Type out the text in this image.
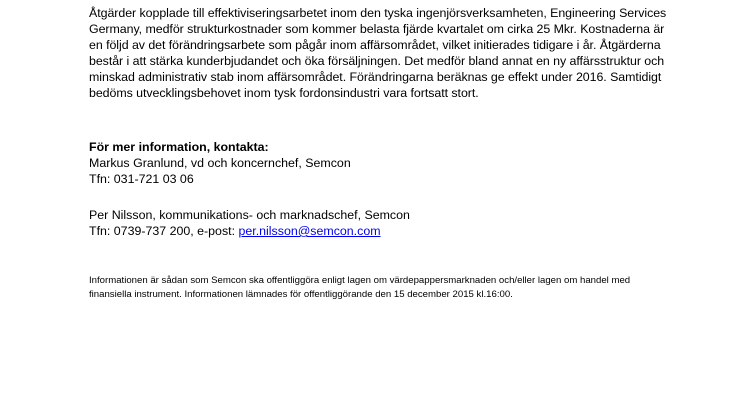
Åtgärder kopplade till effektiviseringsarbetet inom den tyska ingenjörsverksamheten, Engineering Services
Germany, medför strukturkostnader som kommer belasta fjärde kvartalet om cirka 25 Mkr. Kostnaderna är
en följd av det förändringsarbete som pågår inom affärsområdet, vilket initierades tidigare i år. Åtgärderna
består i att stärka kunderbjudandet och öka försäljningen. Det medför bland annat en ny affärsstruktur och
minskad administrativ stab inom affärsområdet. Förändringarna beräknas ge effekt under 2016. Samtidigt
bedöms utvecklingsbehovet inom tysk fordonsindustri vara fortsatt stort.
För mer information, kontakta:
Markus Granlund, vd och koncernchef, Semcon
Tfn: 031-721 03 06
Per Nilsson, kommunikations- och marknadschef, Semcon
Tfn: 0739-737 200, e-post: per.nilsson@semcon.com
Informationen är sådan som Semcon ska offentliggöra enligt lagen om värdepappersmarknaden och/eller lagen om handel med
finansiella instrument. Informationen lämnades för offentliggörande den 15 december 2015 kl.16:00.
